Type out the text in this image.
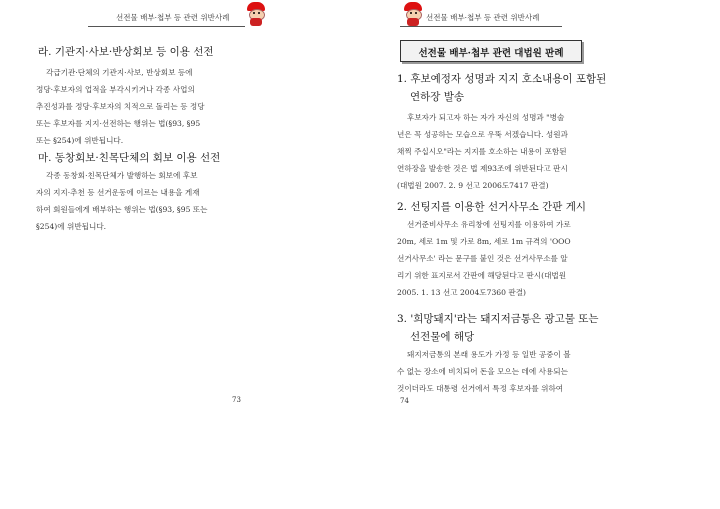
선전물 배부·첩부 등 관련 위반사례
라. 기관지·사보·반상회보 등 이용 선전
각급기관·단체의 기관지·사보, 반상회보 등에
정당·후보자의 업적을 부각시키거나 각종 사업의
추진성과를 정당·후보자의 치적으로 돌리는 등 정당
또는 후보자를 지지·선전하는 행위는 법(§93, §95
또는 §254)에 위반됩니다.
마. 동창회보·친목단체의 회보 이용 선전
각종 동창회·친목단체가 발행하는 회보에 후보
자의 지지·추천 등 선거운동에 이르는 내용을 게재
하여 회원들에게 배부하는 행위는 법(§93, §95 또는
§254)에 위반됩니다.
73
선전물 배부·첩부 등 관련 위반사례
선전물 배부·첩부 관련 대법원 판례
1. 후보예정자 성명과 지지 호소내용이 포함된
연하장 발송
후보자가 되고자 하는 자가 자신의 성명과 "병술
년은 꼭 성공하는 모습으로 우뚝 서겠습니다. 성원과
채찍 주십시오"라는 지지를 호소하는 내용이 포함된
연하장을 발송한 것은 법 제93조에 위반된다고 판시
(대법원 2007. 2. 9 선고 2006도7417 판결)
2. 선팅지를 이용한 선거사무소 간판 게시
선거준비사무소 유리창에 선팅지를 이용하여 가로
20m, 세로 1m 및 가로 8m, 세로 1m 규격의 'OOO
선거사무소' 라는 문구를 붙인 것은 선거사무소를 알
리기 위한 표지로서 간판에 해당된다고 판시(대법원
2005. 1. 13 선고 2004도7360 판결)
3. '희망돼지'라는 돼지저금통은 광고물 또는
선전물에 해당
돼지저금통의 본래 용도가 가정 등 일반 공중이 볼
수 없는 장소에 비치되어 돈을 모으는 데에 사용되는
것이더라도 대통령 선거에서 특정 후보자를 위하여
74
